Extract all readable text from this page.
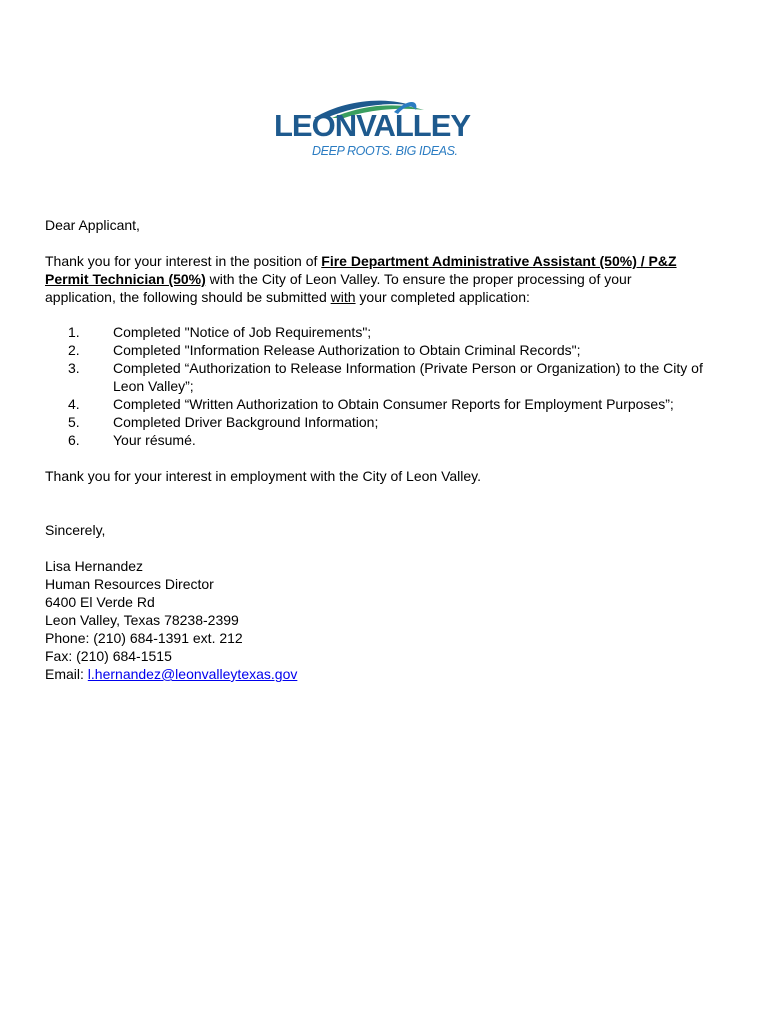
LEONVALLEY
DEEP ROOTS. BIG IDEAS.

Dear Applicant,

Thank you for your interest in the position of Fire Department Administrative Assistant (50%) / P&Z Permit Technician (50%) with the City of Leon Valley. To ensure the proper processing of your application, the following should be submitted with your completed application:

1.	Completed "Notice of Job Requirements";
2.	Completed "Information Release Authorization to Obtain Criminal Records";
3.	Completed “Authorization to Release Information (Private Person or Organization) to the City of Leon Valley”;
4.	Completed “Written Authorization to Obtain Consumer Reports for Employment Purposes”;
5.	Completed Driver Background Information;
6.	Your résumé.

Thank you for your interest in employment with the City of Leon Valley.

Sincerely,

Lisa Hernandez

Human Resources Director

6400 El Verde Rd

Leon Valley, Texas 78238-2399

Phone: (210) 684-1391 ext. 212

Fax: (210) 684-1515

Email: l.hernandez@leonvalleytexas.gov
